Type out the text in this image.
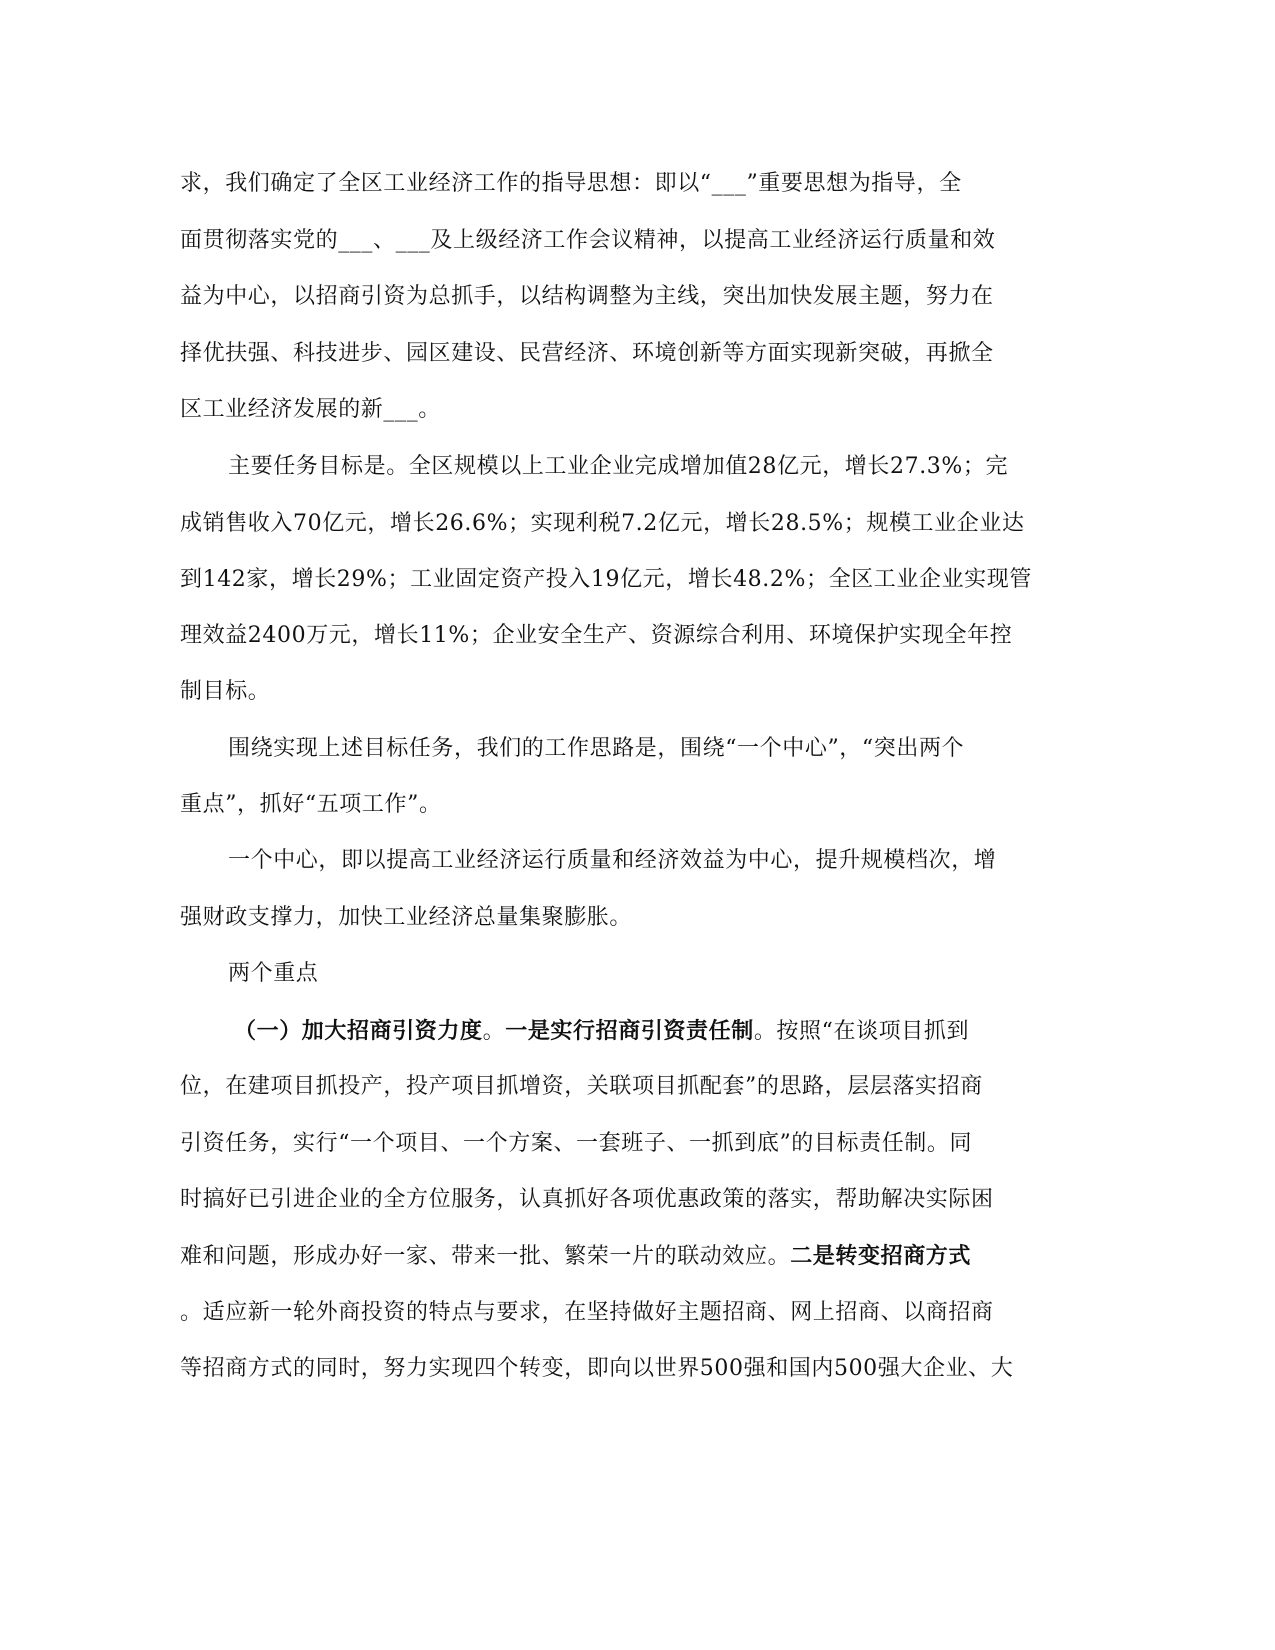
求，我们确定了全区工业经济工作的指导思想：即以“___”重要思想为指导，全
面贯彻落实党的___、___及上级经济工作会议精神，以提高工业经济运行质量和效
益为中心，以招商引资为总抓手，以结构调整为主线，突出加快发展主题，努力在
择优扶强、科技进步、园区建设、民营经济、环境创新等方面实现新突破，再掀全
区工业经济发展的新___。
主要任务目标是。全区规模以上工业企业完成增加值28亿元，增长27.3%；完
成销售收入70亿元，增长26.6%；实现利税7.2亿元，增长28.5%；规模工业企业达
到142家，增长29%；工业固定资产投入19亿元，增长48.2%；全区工业企业实现管
理效益2400万元，增长11%；企业安全生产、资源综合利用、环境保护实现全年控
制目标。
围绕实现上述目标任务，我们的工作思路是，围绕“一个中心”，“突出两个
重点”，抓好“五项工作”。
一个中心，即以提高工业经济运行质量和经济效益为中心，提升规模档次，增
强财政支撑力，加快工业经济总量集聚膨胀。
两个重点
（一）加大招商引资力度。一是实行招商引资责任制。按照“在谈项目抓到
位，在建项目抓投产，投产项目抓增资，关联项目抓配套”的思路，层层落实招商
引资任务，实行“一个项目、一个方案、一套班子、一抓到底”的目标责任制。同
时搞好已引进企业的全方位服务，认真抓好各项优惠政策的落实，帮助解决实际困
难和问题，形成办好一家、带来一批、繁荣一片的联动效应。二是转变招商方式
。适应新一轮外商投资的特点与要求，在坚持做好主题招商、网上招商、以商招商
等招商方式的同时，努力实现四个转变，即向以世界500强和国内500强大企业、大
